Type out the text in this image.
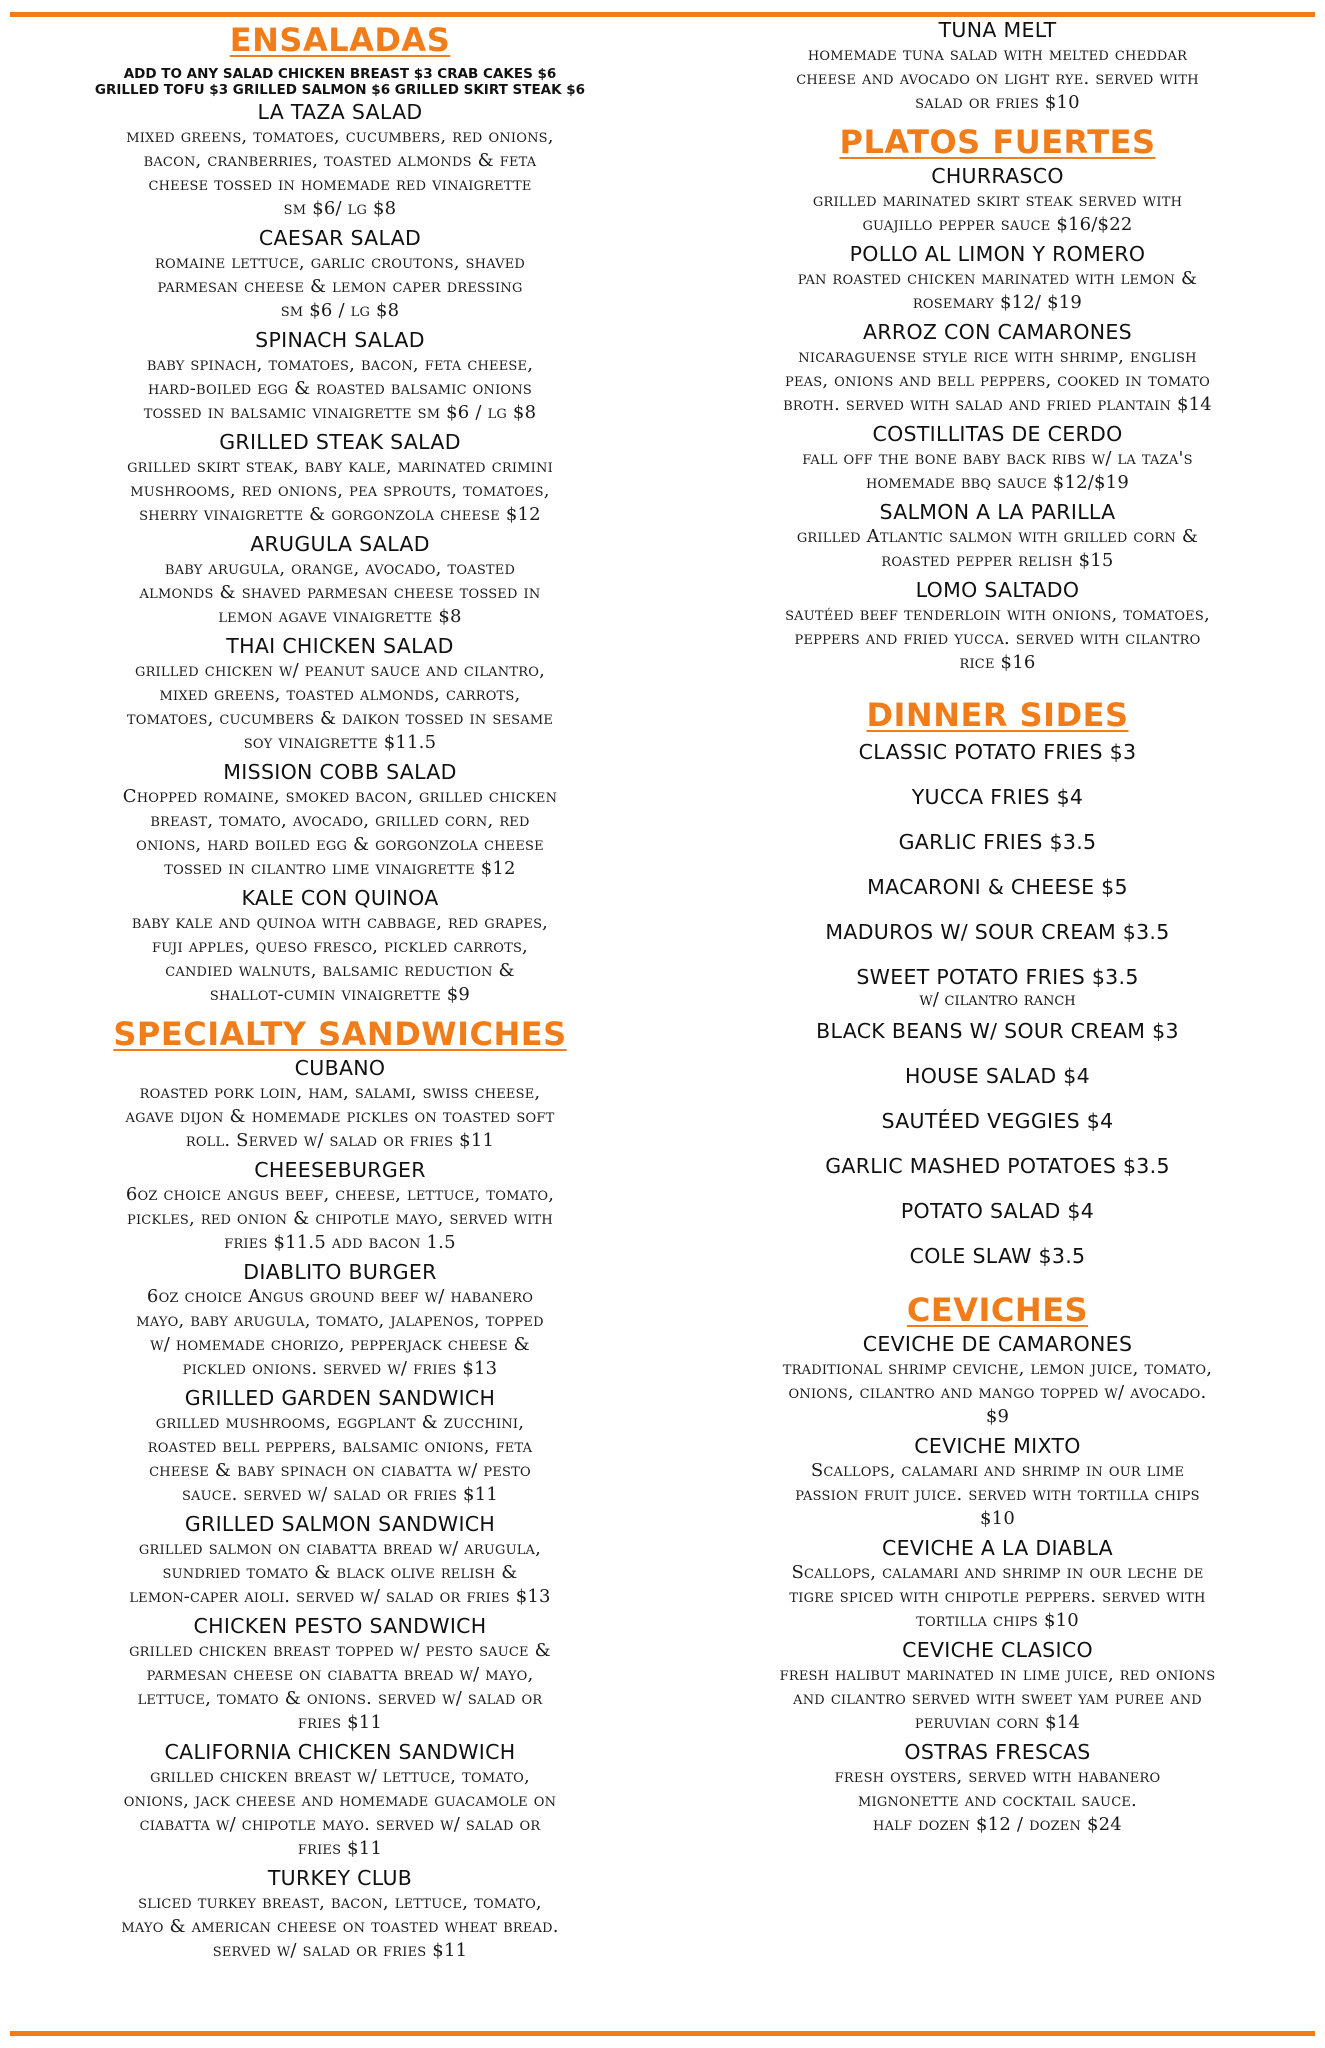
ENSALADAS
ADD TO ANY SALAD CHICKEN BREAST $3 CRAB CAKES $6
GRILLED TOFU $3 GRILLED SALMON $6 GRILLED SKIRT STEAK $6
LA TAZA SALAD
mixed greens, tomatoes, cucumbers, red onions,
bacon, cranberries, toasted almonds & feta
cheese tossed in homemade red vinaigrette
sm $6/ lg $8
CAESAR SALAD
romaine lettuce, garlic croutons, shaved
parmesan cheese & lemon caper dressing
sm $6 / lg $8
SPINACH SALAD
baby spinach, tomatoes, bacon, feta cheese,
hard-boiled egg & roasted balsamic onions
tossed in balsamic vinaigrette sm $6 / lg $8
GRILLED STEAK SALAD
grilled skirt steak, baby kale, marinated crimini
mushrooms, red onions, pea sprouts, tomatoes,
sherry vinaigrette & gorgonzola cheese $12
ARUGULA SALAD
baby arugula, orange, avocado, toasted
almonds & shaved parmesan cheese tossed in
lemon agave vinaigrette $8
THAI CHICKEN SALAD
grilled chicken w/ peanut sauce and cilantro,
mixed greens, toasted almonds, carrots,
tomatoes, cucumbers & daikon tossed in sesame
soy vinaigrette $11.5
MISSION COBB SALAD
Chopped romaine, smoked bacon, grilled chicken
breast, tomato, avocado, grilled corn, red
onions, hard boiled egg & gorgonzola cheese
tossed in cilantro lime vinaigrette $12
KALE CON QUINOA
baby kale and quinoa with cabbage, red grapes,
fuji apples, queso fresco, pickled carrots,
candied walnuts, balsamic reduction &
shallot-cumin vinaigrette $9
SPECIALTY SANDWICHES
CUBANO
roasted pork loin, ham, salami, swiss cheese,
agave dijon & homemade pickles on toasted soft
roll. Served w/ salad or fries $11
CHEESEBURGER
6oz choice angus beef, cheese, lettuce, tomato,
pickles, red onion & chipotle mayo, served with
fries $11.5 add bacon 1.5
DIABLITO BURGER
6oz choice Angus ground beef w/ habanero
mayo, baby arugula, tomato, jalapenos, topped
w/ homemade chorizo, pepperjack cheese &
pickled onions. served w/ fries $13
GRILLED GARDEN SANDWICH
grilled mushrooms, eggplant & zucchini,
roasted bell peppers, balsamic onions, feta
cheese & baby spinach on ciabatta w/ pesto
sauce. served w/ salad or fries $11
GRILLED SALMON SANDWICH
grilled salmon on ciabatta bread w/ arugula,
sundried tomato & black olive relish &
lemon-caper aioli. served w/ salad or fries $13
CHICKEN PESTO SANDWICH
grilled chicken breast topped w/ pesto sauce &
parmesan cheese on ciabatta bread w/ mayo,
lettuce, tomato & onions. served w/ salad or
fries $11
CALIFORNIA CHICKEN SANDWICH
grilled chicken breast w/ lettuce, tomato,
onions, jack cheese and homemade guacamole on
ciabatta w/ chipotle mayo. served w/ salad or
fries $11
TURKEY CLUB
sliced turkey breast, bacon, lettuce, tomato,
mayo & american cheese on toasted wheat bread.
served w/ salad or fries $11
TUNA MELT
homemade tuna salad with melted cheddar
cheese and avocado on light rye. served with
salad or fries $10
PLATOS FUERTES
CHURRASCO
grilled marinated skirt steak served with
guajillo pepper sauce $16/$22
POLLO AL LIMON Y ROMERO
pan roasted chicken marinated with lemon &
rosemary $12/ $19
ARROZ CON CAMARONES
nicaraguense style rice with shrimp, english
peas, onions and bell peppers, cooked in tomato
broth. served with salad and fried plantain $14
COSTILLITAS DE CERDO
fall off the bone baby back ribs w/ la taza's
homemade bbq sauce $12/$19
SALMON A LA PARILLA
grilled Atlantic salmon with grilled corn &
roasted pepper relish $15
LOMO SALTADO
sautéed beef tenderloin with onions, tomatoes,
peppers and fried yucca. served with cilantro
rice $16
DINNER SIDES
CLASSIC POTATO FRIES $3
YUCCA FRIES $4
GARLIC FRIES $3.5
MACARONI & CHEESE $5
MADUROS W/ SOUR CREAM $3.5
SWEET POTATO FRIES $3.5
w/ cilantro ranch
BLACK BEANS W/ SOUR CREAM $3
HOUSE SALAD $4
SAUTÉED VEGGIES $4
GARLIC MASHED POTATOES $3.5
POTATO SALAD $4
COLE SLAW $3.5
CEVICHES
CEVICHE DE CAMARONES
traditional shrimp ceviche, lemon juice, tomato,
onions, cilantro and mango topped w/ avocado.
$9
CEVICHE MIXTO
Scallops, calamari and shrimp in our lime
passion fruit juice. served with tortilla chips
$10
CEVICHE A LA DIABLA
Scallops, calamari and shrimp in our leche de
tigre spiced with chipotle peppers. served with
tortilla chips $10
CEVICHE CLASICO
fresh halibut marinated in lime juice, red onions
and cilantro served with sweet yam puree and
peruvian corn $14
OSTRAS FRESCAS
fresh oysters, served with habanero
mignonette and cocktail sauce.
half dozen $12 / dozen $24
